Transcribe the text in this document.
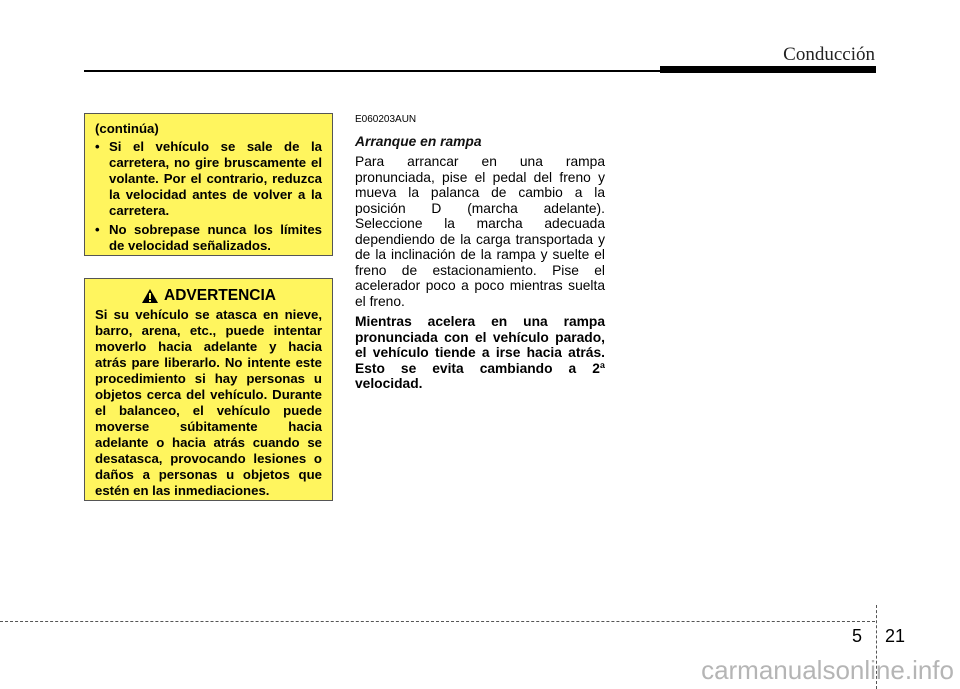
Conducción
(continúa)
• Si el vehículo se sale de la carretera, no gire bruscamente el volante. Por el contrario, reduzca la velocidad antes de volver a la carretera.
• No sobrepase nunca los límites de velocidad señalizados.
ADVERTENCIA
Si su vehículo se atasca en nieve, barro, arena, etc., puede intentar moverlo hacia adelante y hacia atrás pare liberarlo. No intente este procedimiento si hay personas u objetos cerca del vehículo. Durante el balanceo, el vehículo puede moverse súbitamente hacia adelante o hacia atrás cuando se desatasca, provocando lesiones o daños a personas u objetos que estén en las inmediaciones.
E060203AUN
Arranque en rampa
Para arrancar en una rampa pronunciada, pise el pedal del freno y mueva la palanca de cambio a la posición D (marcha adelante). Seleccione la marcha adecuada dependiendo de la carga transportada y de la inclinación de la rampa y suelte el freno de estacionamiento. Pise el acelerador poco a poco mientras suelta el freno.
Mientras acelera en una rampa pronunciada con el vehículo parado, el vehículo tiende a irse hacia atrás. Esto se evita cambiando a 2ª velocidad.
5 21
carmanualsonline.info
